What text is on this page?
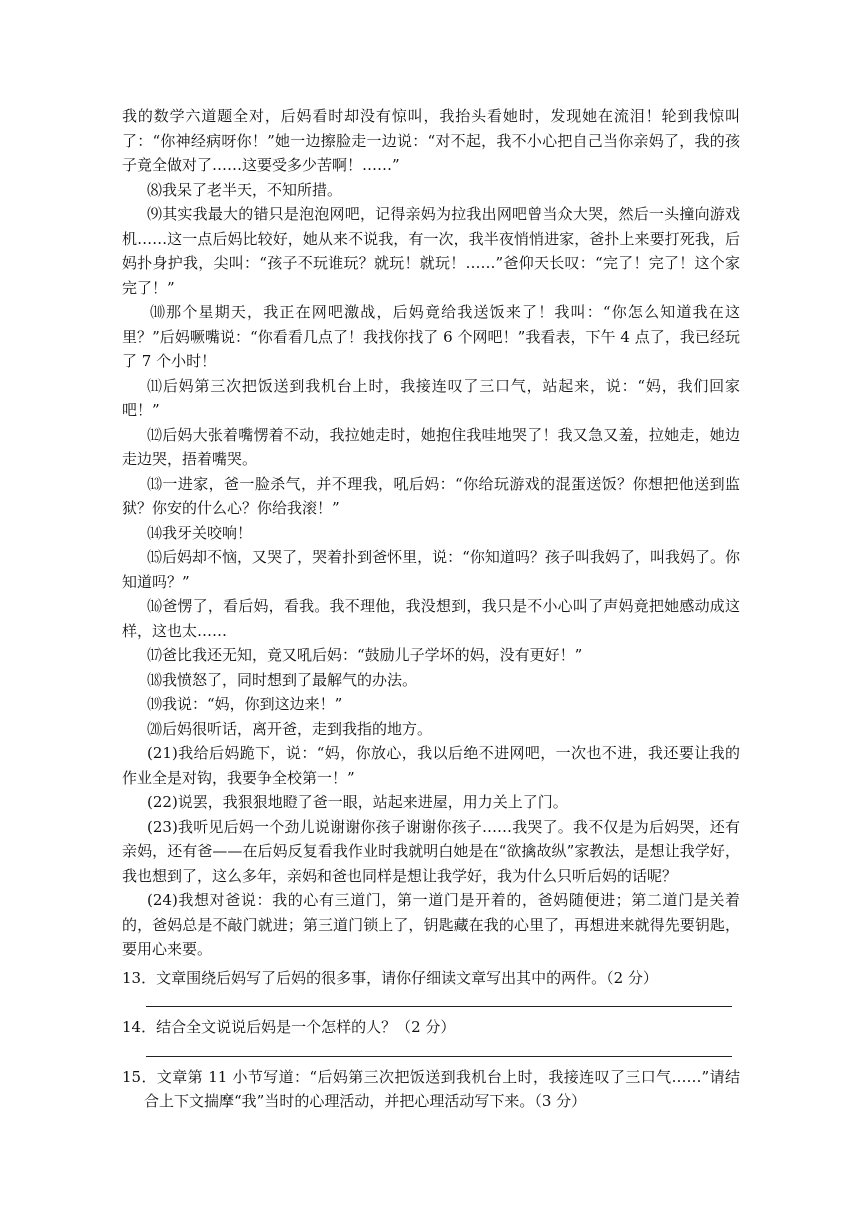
我的数学六道题全对，后妈看时却没有惊叫，我抬头看她时，发现她在流泪！轮到我惊叫了：“你神经病呀你！”她一边擦脸走一边说：“对不起，我不小心把自己当你亲妈了，我的孩子竟全做对了……这要受多少苦啊！……”

⑻我呆了老半天，不知所措。

⑼其实我最大的错只是泡泡网吧，记得亲妈为拉我出网吧曾当众大哭，然后一头撞向游戏机……这一点后妈比较好，她从来不说我，有一次，我半夜悄悄进家，爸扑上来要打死我，后妈扑身护我，尖叫：“孩子不玩谁玩？就玩！就玩！……”爸仰天长叹：“完了！完了！这个家完了！”

⑽那个星期天，我正在网吧激战，后妈竟给我送饭来了！我叫：“你怎么知道我在这里？”后妈噘嘴说：“你看看几点了！我找你找了 6 个网吧！”我看表，下午 4 点了，我已经玩了 7 个小时！

⑾后妈第三次把饭送到我机台上时，我接连叹了三口气，站起来，说：“妈，我们回家吧！”

⑿后妈大张着嘴愣着不动，我拉她走时，她抱住我哇地哭了！我又急又羞，拉她走，她边走边哭，捂着嘴哭。

⒀一进家，爸一脸杀气，并不理我，吼后妈：“你给玩游戏的混蛋送饭？你想把他送到监狱？你安的什么心？你给我滚！”

⒁我牙关咬响！

⒂后妈却不恼，又哭了，哭着扑到爸怀里，说：“你知道吗？孩子叫我妈了，叫我妈了。你知道吗？”

⒃爸愣了，看后妈，看我。我不理他，我没想到，我只是不小心叫了声妈竟把她感动成这样，这也太……

⒄爸比我还无知，竟又吼后妈：“鼓励儿子学坏的妈，没有更好！”

⒅我愤怒了，同时想到了最解气的办法。

⒆我说：“妈，你到这边来！”

⒇后妈很听话，离开爸，走到我指的地方。

(21)我给后妈跪下，说：“妈，你放心，我以后绝不进网吧，一次也不进，我还要让我的作业全是对钩，我要争全校第一！”

(22)说罢，我狠狠地瞪了爸一眼，站起来进屋，用力关上了门。

(23)我听见后妈一个劲儿说谢谢你孩子谢谢你孩子……我哭了。我不仅是为后妈哭，还有亲妈，还有爸——在后妈反复看我作业时我就明白她是在“欲擒故纵”家教法，是想让我学好，我也想到了，这么多年，亲妈和爸也同样是想让我学好，我为什么只听后妈的话呢？

(24)我想对爸说：我的心有三道门，第一道门是开着的，爸妈随便进；第二道门是关着的，爸妈总是不敲门就进；第三道门锁上了，钥匙藏在我的心里了，再想进来就得先要钥匙，要用心来要。

13．文章围绕后妈写了后妈的很多事，请你仔细读文章写出其中的两件。（2 分）

14．结合全文说说后妈是一个怎样的人？（2 分）

15．文章第 11 小节写道：“后妈第三次把饭送到我机台上时，我接连叹了三口气……”请结合上下文揣摩“我”当时的心理活动，并把心理活动写下来。（3 分）
